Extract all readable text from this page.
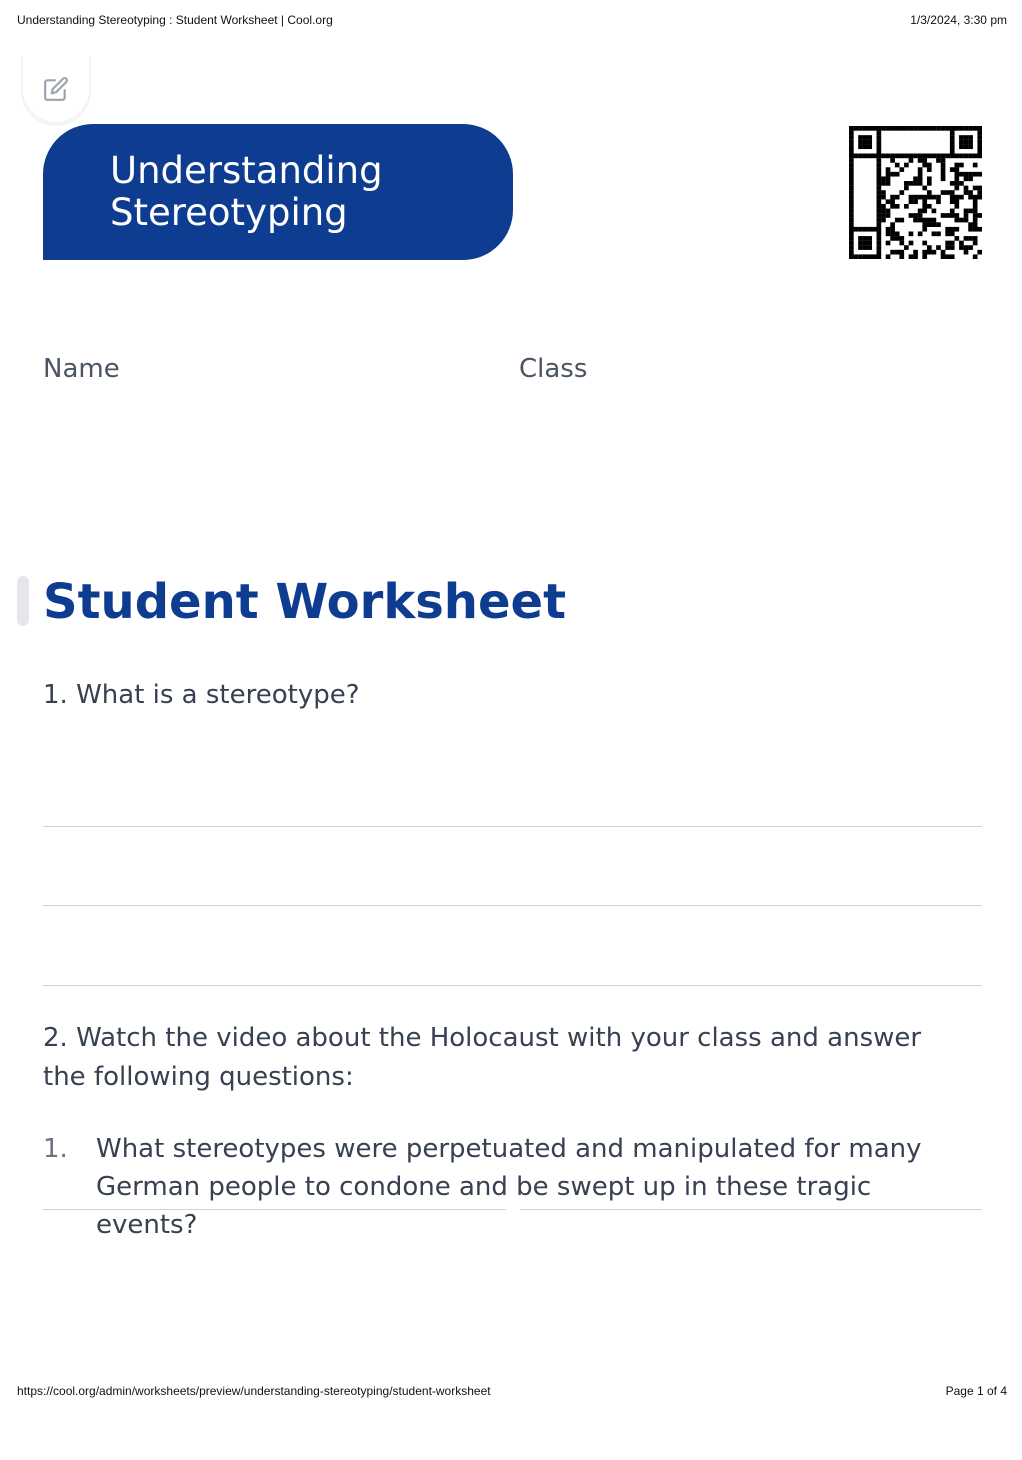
Understanding Stereotyping : Student Worksheet | Cool.org	1/3/2024, 3:30 pm
Understanding
Stereotyping
Name	Class
Student Worksheet
1. What is a stereotype?
2. Watch the video about the Holocaust with your class and answer
the following questions:
1. What stereotypes were perpetuated and manipulated for many German people to condone and be swept up in these tragic events?
https://cool.org/admin/worksheets/preview/understanding-stereotyping/student-worksheet	Page 1 of 4
